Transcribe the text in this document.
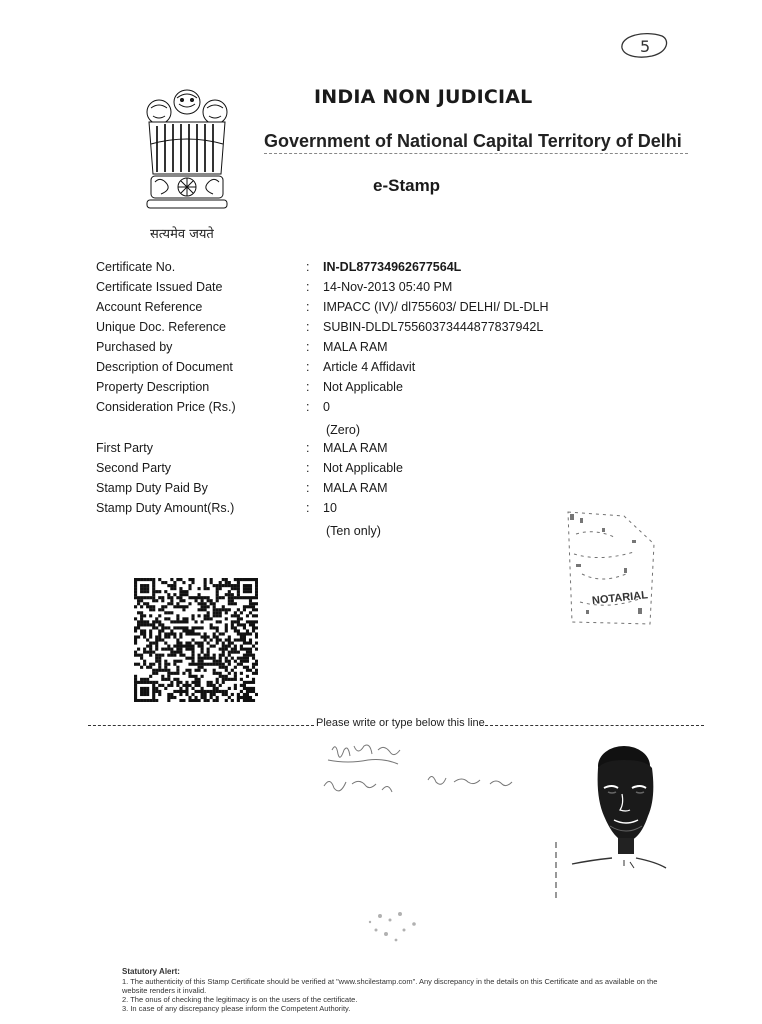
5
सत्यमेव जयते
INDIA NON JUDICIAL
Government of National Capital Territory of Delhi
e-Stamp
Certificate No.	: IN-DL87734962677564L
Certificate Issued Date	: 14-Nov-2013 05:40 PM
Account Reference	: IMPACC (IV)/ dl755603/ DELHI/ DL-DLH
Unique Doc. Reference	: SUBIN-DLDL75560373444877837942L
Purchased by	: MALA RAM
Description of Document	: Article 4 Affidavit
Property Description	: Not Applicable
Consideration Price (Rs.)	: 0
(Zero)
First Party	: MALA RAM
Second Party	: Not Applicable
Stamp Duty Paid By	: MALA RAM
Stamp Duty Amount(Rs.)	: 10
(Ten only)
NOTARIAL
Please write or type below this line
Statutory Alert:
1. The authenticity of this Stamp Certificate should be verified at "www.shcilestamp.com". Any discrepancy in the details on this Certificate and as available on the website renders it invalid.
2. The onus of checking the legitimacy is on the users of the certificate.
3. In case of any discrepancy please inform the Competent Authority.
